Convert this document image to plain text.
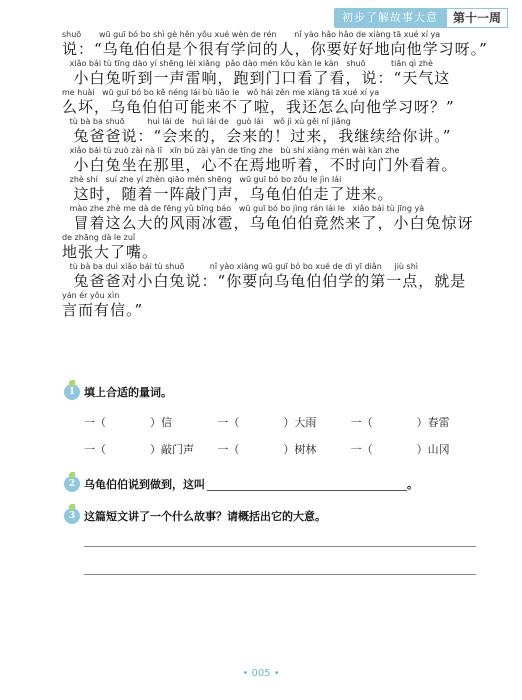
初步了解故事大意	第十一周
shuō       wū guī bó bo shì gè hěn yǒu xué wèn de rén       nǐ yào hǎo hǎo de xiàng tā xué xí ya
说：“乌龟伯伯是个很有学问的人，你要好好地向他学习呀。”
xiǎo bái tù tīng dào yí shēng lèi xiǎng  pǎo dào mén kǒu kàn le kàn   shuō          tiān qì zhè
小白兔听到一声雷响，跑到门口看了看，说：“天气这
me huài   wū guī bó bo kě néng lái bù liǎo le   wǒ hái zěn me xiàng tā xué xí ya
么坏，乌龟伯伯可能来不了啦，我还怎么向他学习呀？”
tù bà ba shuō         huì lái de   huì lái de   guò lái    wǒ jì xù gěi nǐ jiǎng
兔爸爸说：“会来的，会来的！过来，我继续给你讲。”
xiǎo bái tù zuò zài nà lǐ   xīn bú zài yān de tīng zhe   bù shí xiàng mén wài kàn zhe
小白兔坐在那里，心不在焉地听着，不时向门外看着。
zhè shí   suí zhe yí zhèn qiāo mén shēng   wū guī bó bo zǒu le jìn lái
这时，随着一阵敲门声，乌龟伯伯走了进来。
mào zhe zhè me dà de fēng yǔ bīng báo   wū guī bó bo jìng rán lái le   xiǎo bái tù jīng yà
冒着这么大的风雨冰雹，乌龟伯伯竟然来了，小白兔惊讶
de zhāng dà le zuǐ
地张大了嘴。
tù bà ba duì xiǎo bái tù shuō          nǐ yào xiàng wū guī bó bo xué de dì yī diǎn     jiù shì
兔爸爸对小白兔说：“你要向乌龟伯伯学的第一点，就是
yán ér yǒu xìn
言而有信。”
1 填上合适的量词。
一（	）信	一（	）大雨	一（	）春雷
一（	）敲门声 一（	）树林	一（	）山冈
2 乌龟伯伯说到做到，这叫	。
3 这篇短文讲了一个什么故事？请概括出它的大意。
• 005 •
